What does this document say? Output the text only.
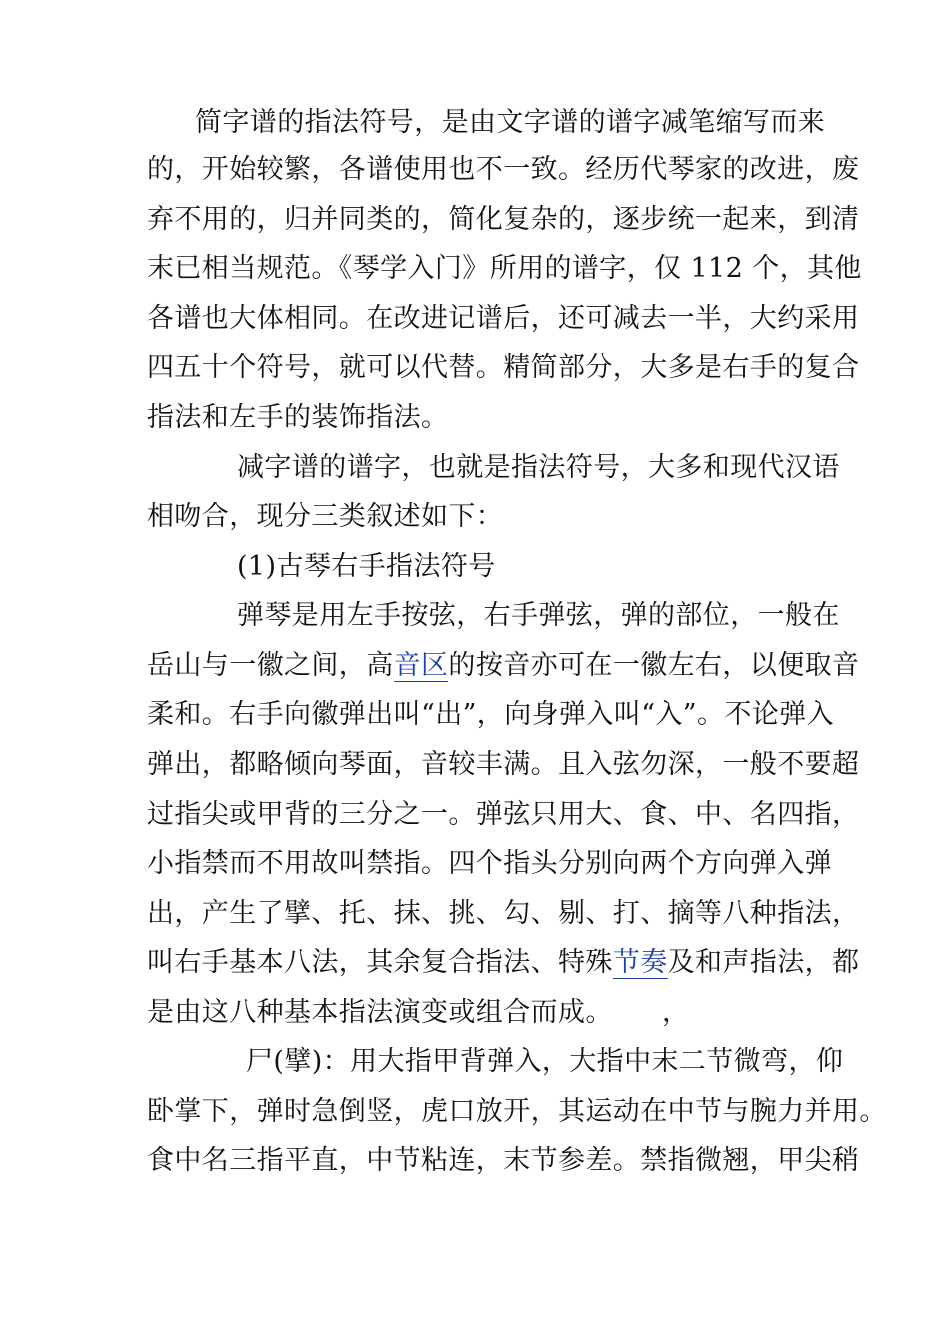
简字谱的指法符号，是由文字谱的谱字减笔缩写而来
的，开始较繁，各谱使用也不一致。经历代琴家的改进，废
弃不用的，归并同类的，简化复杂的，逐步统一起来，到清
末已相当规范。《琴学入门》所用的谱字，仅 112 个，其他
各谱也大体相同。在改进记谱后，还可减去一半，大约采用
四五十个符号，就可以代替。精简部分，大多是右手的复合
指法和左手的装饰指法。
减字谱的谱字，也就是指法符号，大多和现代汉语
相吻合，现分三类叙述如下：
(1)古琴右手指法符号
弹琴是用左手按弦，右手弹弦，弹的部位，一般在
岳山与一徽之间，高音区的按音亦可在一徽左右，以便取音
柔和。右手向徽弹出叫“出”，向身弹入叫“入”。不论弹入
弹出，都略倾向琴面，音较丰满。且入弦勿深，一般不要超
过指尖或甲背的三分之一。弹弦只用大、食、中、名四指，
小指禁而不用故叫禁指。四个指头分别向两个方向弹入弹
出，产生了擘、托、抹、挑、勾、剔、打、摘等八种指法，
叫右手基本八法，其余复合指法、特殊节奏及和声指法，都
是由这八种基本指法演变或组合而成。 ，
尸(擘)：用大指甲背弹入，大指中末二节微弯，仰
卧掌下，弹时急倒竖，虎口放开，其运动在中节与腕力并用。
食中名三指平直，中节粘连，末节参差。禁指微翘，甲尖稍
